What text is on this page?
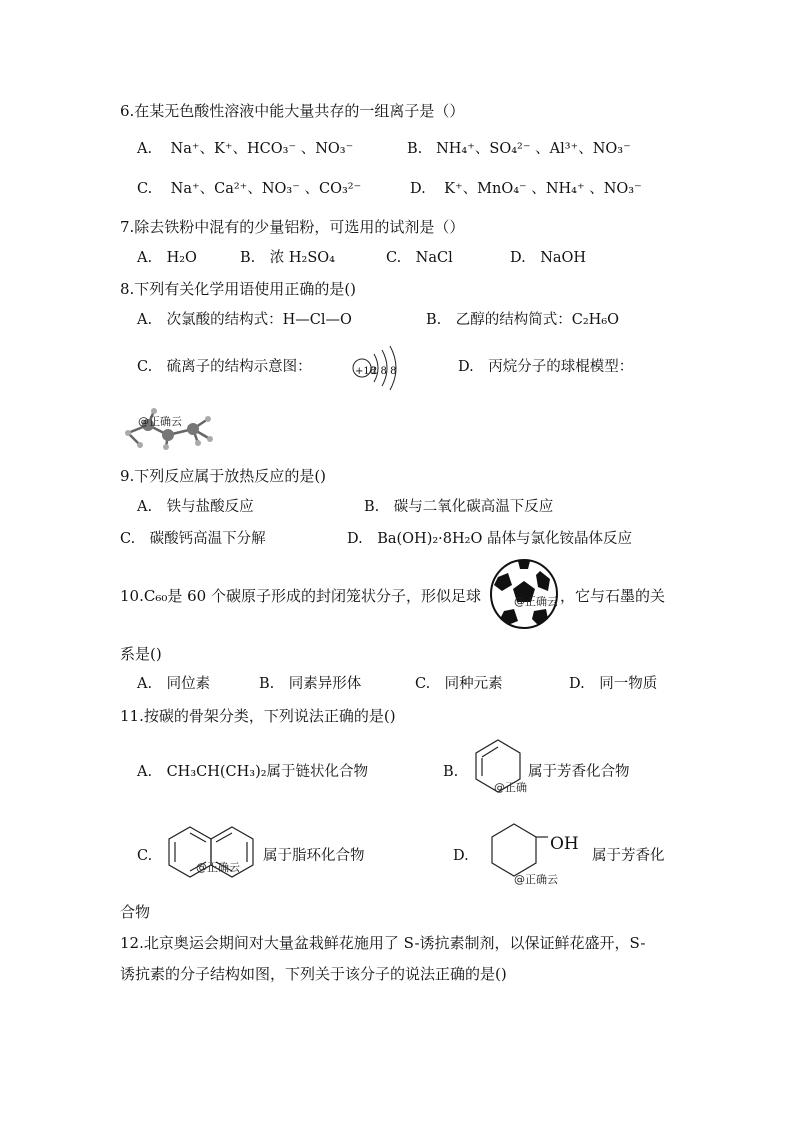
6.在某无色酸性溶液中能大量共存的一组离子是（）
A. Na⁺、K⁺、HCO₃⁻ 、NO₃⁻	B. NH₄⁺、SO₄²⁻ 、Al³⁺、NO₃⁻
C. Na⁺、Ca²⁺、NO₃⁻ 、CO₃²⁻	D. K⁺、MnO₄⁻ 、NH₄⁺ 、NO₃⁻
7.除去铁粉中混有的少量铝粉，可选用的试剂是（）
A.　H₂O	B.　浓 H₂SO₄	C.　NaCl	D.　NaOH
8.下列有关化学用语使用正确的是()
A.　次氯酸的结构式：H—Cl—O	B.　乙醇的结构简式：C₂H₆O
C.　硫离子的结构示意图：	+18
2 8 8	D.　丙烷分子的球棍模型：
@正确云
9.下列反应属于放热反应的是()
A.　铁与盐酸反应	B.　碳与二氧化碳高温下反应
C.　碳酸钙高温下分解	D.　Ba(OH)₂·8H₂O 晶体与氯化铵晶体反应
10.C₆₀是 60 个碳原子形成的封闭笼状分子，形似足球	@正确云 ，它与石墨的关
系是()
A.　同位素	B.　同素异形体	C.　同种元素	D.　同一物质
11.按碳的骨架分类，下列说法正确的是()
A.　CH₃CH(CH₃)₂属于链状化合物	B.
@正确
属于芳香化合物
C.
@正确云
属于脂环化合物	D.
OH
@正确云
属于芳香化
合物
12.北京奥运会期间对大量盆栽鲜花施用了 S-诱抗素制剂，以保证鲜花盛开，S-
诱抗素的分子结构如图，下列关于该分子的说法正确的是()
